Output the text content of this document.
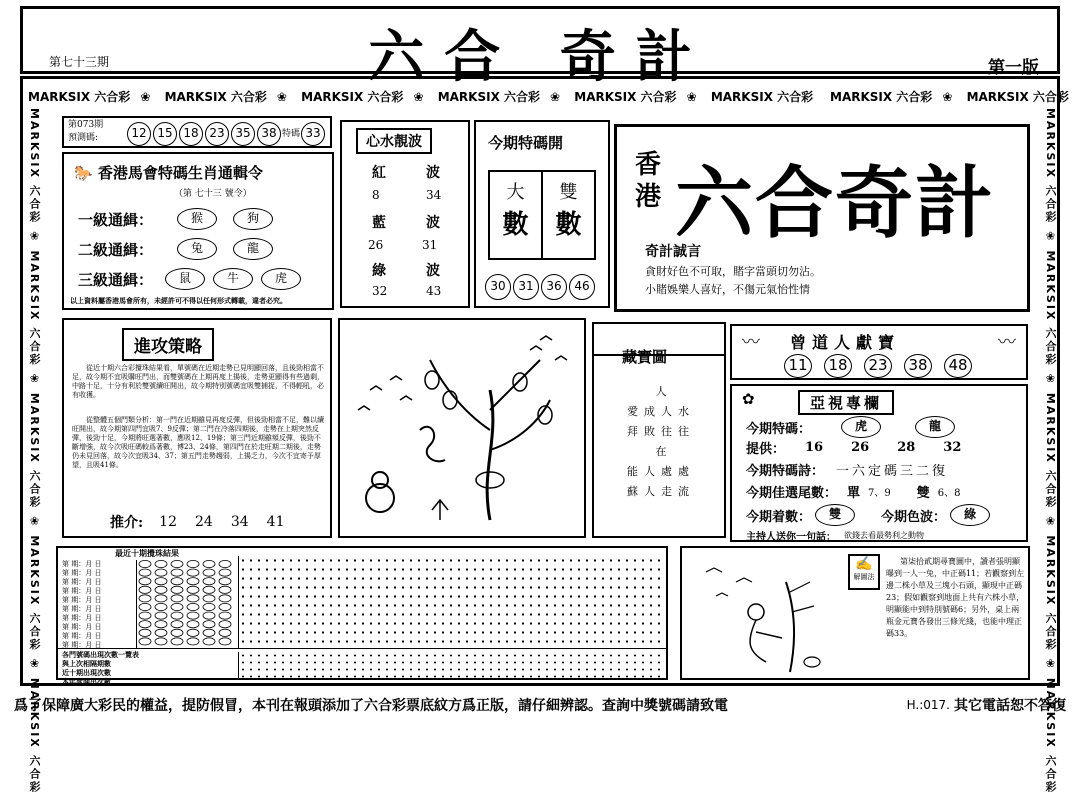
六合 奇計
第七十三期	第一版
MARKSIX 六合彩 ❀ MARKSIX 六合彩 ❀ MARKSIX 六合彩 ❀ MARKSIX 六合彩 ❀ MARKSIX 六合彩 ❀ MARKSIX 六合彩 MARKSIX 六合彩 ❀ MARKSIX 六合彩
MARKSIX 六合彩 ❀ MARKSIX 六合彩 ❀ MARKSIX 六合彩 ❀ MARKSIX 六合彩 ❀ MARKSIX 六合彩
MARKSIX 六合彩 ❀ MARKSIX 六合彩 ❀ MARKSIX 六合彩 ❀ MARKSIX 六合彩 ❀ MARKSIX 六合彩
第073期
預測碼:	12 15 18 23 35 38 特碼 33
🐎 香港馬會特碼生肖通輯令
（第 七十三 號令）
一級通緝：	猴	狗
二級通緝：	兔	龍
三級通緝：	鼠	牛	虎
以上資料屬香港馬會所有，未經許可不得以任何形式轉載，違者必究。
心水靚波
紅	波
8	34
藍	波
26	31
綠	波
32	43
今期特碼開
大
數
雙
數
30	31	36	46
香港 六合奇計
奇計誠言
貪財好色不可取，賭字當頭切勿沾。
小賭娛樂人喜好，不傷元氣怡性情
進攻策略
從近十期六合彩攪珠結果看，單號碼在近期走勢已見明顯回落，且後勁相當不足，故今期不宜吸購旺門出，而雙號碼在上期再度上揚後，走勢更顯得有些過剩，中路十足，十分有利於雙號續旺開出，故今期特別號碼宜吸雙捕捉，不得輕吼，必有收獲。
從整體五個門類分析：第一門在近期雖見再度反彈，但後勁相當不足，難以續旺開出，故今期第四門宜吸7、9反彈；第二門在冷落四期後，走勢在上期突然反彈，後勁十足，今期將旺選著數，應吸12、19條；第三門近期雖頻反彈，後勁不斷增強，故今次吸旺碼較爲著數，博23、24條，第四門在於走旺期二期後，走勢仍未見回落，故今次宜吸34、37；第五門走勢趨弱，上揚乏力，今次不宜寄予厚望，且吸41條。
推介: 12 24 34 41
藏寶圖
人
愛成人水
拜敗往往
在
能人處處
蘇人走流
〰 曾道人獻寶	〰
11 18 23 38 48
✿	亞視專欄
今期特碼：	虎	龍
提供： 16 26 28 32
今期特碼詩： 一六定碼三二復
今期佳選尾數： 單 7、9 雙 6、8
今期着數：	雙	今期色波：	綠
主持人送你一句話： 欲錢去看最勢利之動物
最近十期攪珠結果
第 期：月 日
第 期：月 日
第 期：月 日
第 期：月 日
第 期：月 日
第 期：月 日
第 期：月 日
第 期：月 日
第 期：月 日
第 期：月 日
各門號碼出現次數一覽表
與上次相隔期數
近十期出現次數
本年度開出次數
✍
解圖法
第柒拾貳期尋寶圖中，讀者張明顯曝到一人一兔，中正碼11；若觀察到左邊二株小草及三塊小石頭，顯現中正碼23；假如觀察到地面上共有六株小草，明顯能中到特別號碼6；另外，桌上兩瓶金元寶各發出三條光綫，也能中理正碼33。
爲了保障廣大彩民的權益，提防假冒，本刊在報頭添加了六合彩票底紋方爲正版，請仔細辨認。查詢中獎號碼請致電	H.:017. 其它電話恕不答復
